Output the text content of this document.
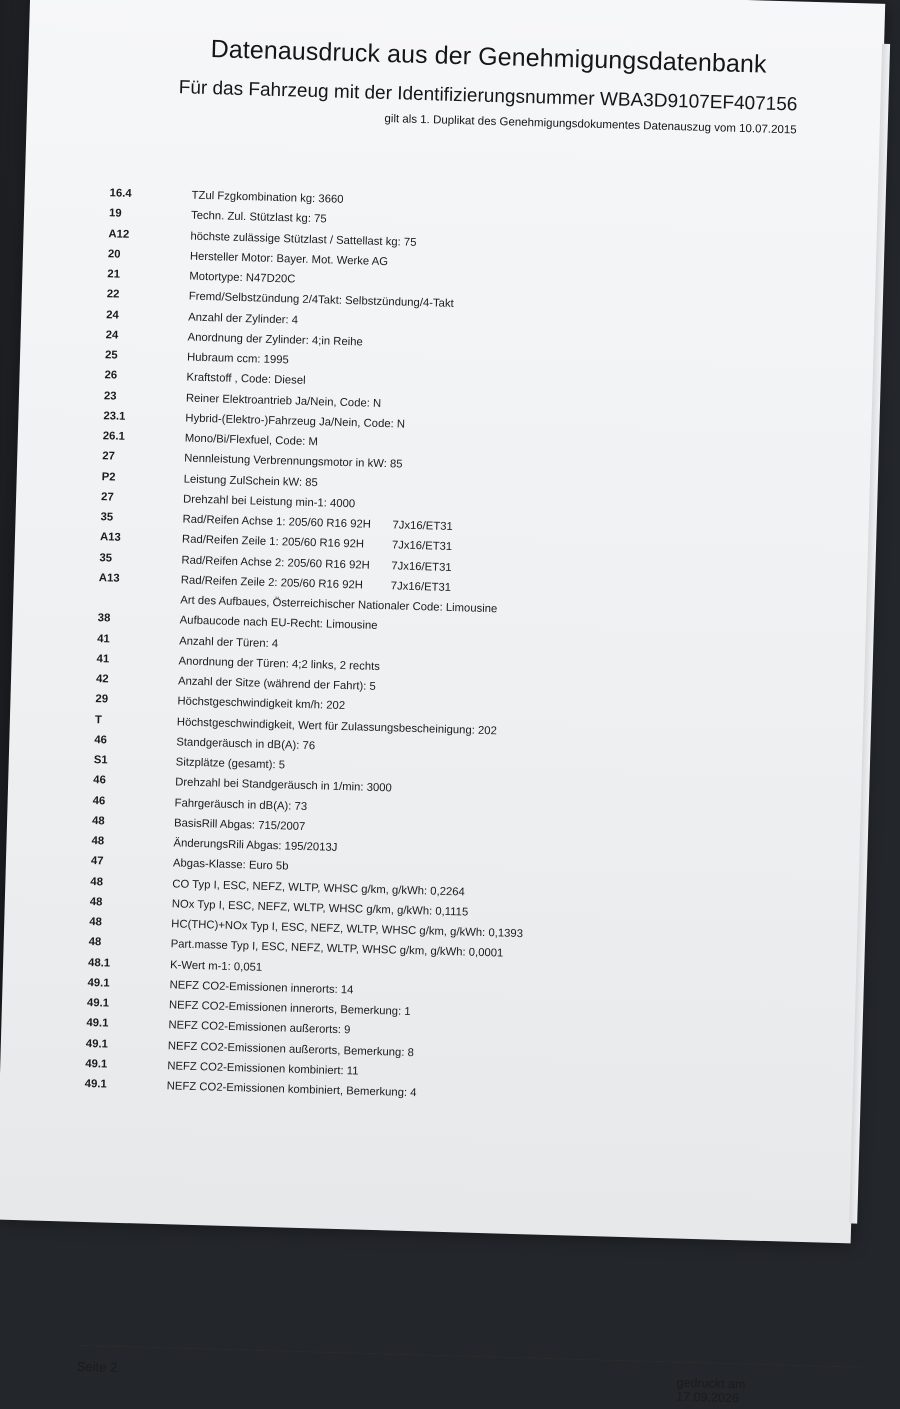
Datenausdruck aus der Genehmigungsdatenbank
Für das Fahrzeug mit der Identifizierungsnummer WBA3D9107EF407156
gilt als 1. Duplikat des Genehmigungsdokumentes Datenauszug vom 10.07.2015
16.4	TZul Fzgkombination kg: 3660
19	Techn. Zul. Stützlast kg: 75
A12	höchste zulässige Stützlast / Sattellast kg: 75
20	Hersteller Motor: Bayer. Mot. Werke AG
21	Motortype: N47D20C
22	Fremd/Selbstzündung 2/4Takt: Selbstzündung/4-Takt
24	Anzahl der Zylinder: 4
24	Anordnung der Zylinder: 4;in Reihe
25	Hubraum ccm: 1995
26	Kraftstoff , Code: Diesel
23	Reiner Elektroantrieb Ja/Nein, Code: N
23.1	Hybrid-(Elektro-)Fahrzeug Ja/Nein, Code: N
26.1	Mono/Bi/Flexfuel, Code: M
27	Nennleistung Verbrennungsmotor in kW: 85
P2	Leistung ZulSchein kW: 85
27	Drehzahl bei Leistung min-1: 4000
35	Rad/Reifen Achse 1: 205/60 R16 92H 7Jx16/ET31
A13	Rad/Reifen Zeile 1: 205/60 R16 92H 7Jx16/ET31
35	Rad/Reifen Achse 2: 205/60 R16 92H 7Jx16/ET31
A13	Rad/Reifen Zeile 2: 205/60 R16 92H 7Jx16/ET31
Art des Aufbaues, Österreichischer Nationaler Code: Limousine
38	Aufbaucode nach EU-Recht: Limousine
41	Anzahl der Türen: 4
41	Anordnung der Türen: 4;2 links, 2 rechts
42	Anzahl der Sitze (während der Fahrt): 5
29	Höchstgeschwindigkeit km/h: 202
T	Höchstgeschwindigkeit, Wert für Zulassungsbescheinigung: 202
46	Standgeräusch in dB(A): 76
S1	Sitzplätze (gesamt): 5
46	Drehzahl bei Standgeräusch in 1/min: 3000
46	Fahrgeräusch in dB(A): 73
48	BasisRill Abgas: 715/2007
48	ÄnderungsRili Abgas: 195/2013J
47	Abgas-Klasse: Euro 5b
48	CO Typ I, ESC, NEFZ, WLTP, WHSC g/km, g/kWh: 0,2264
48	NOx Typ I, ESC, NEFZ, WLTP, WHSC g/km, g/kWh: 0,1115
48	HC(THC)+NOx Typ I, ESC, NEFZ, WLTP, WHSC g/km, g/kWh: 0,1393
48	Part.masse Typ I, ESC, NEFZ, WLTP, WHSC g/km, g/kWh: 0,0001
48.1	K-Wert m-1: 0,051
49.1	NEFZ CO2-Emissionen innerorts: 14
49.1	NEFZ CO2-Emissionen innerorts, Bemerkung: 1
49.1	NEFZ CO2-Emissionen außerorts: 9
49.1	NEFZ CO2-Emissionen außerorts, Bemerkung: 8
49.1	NEFZ CO2-Emissionen kombiniert: 11
49.1	NEFZ CO2-Emissionen kombiniert, Bemerkung: 4
Seite 2
gedruckt am 17.09.2026
